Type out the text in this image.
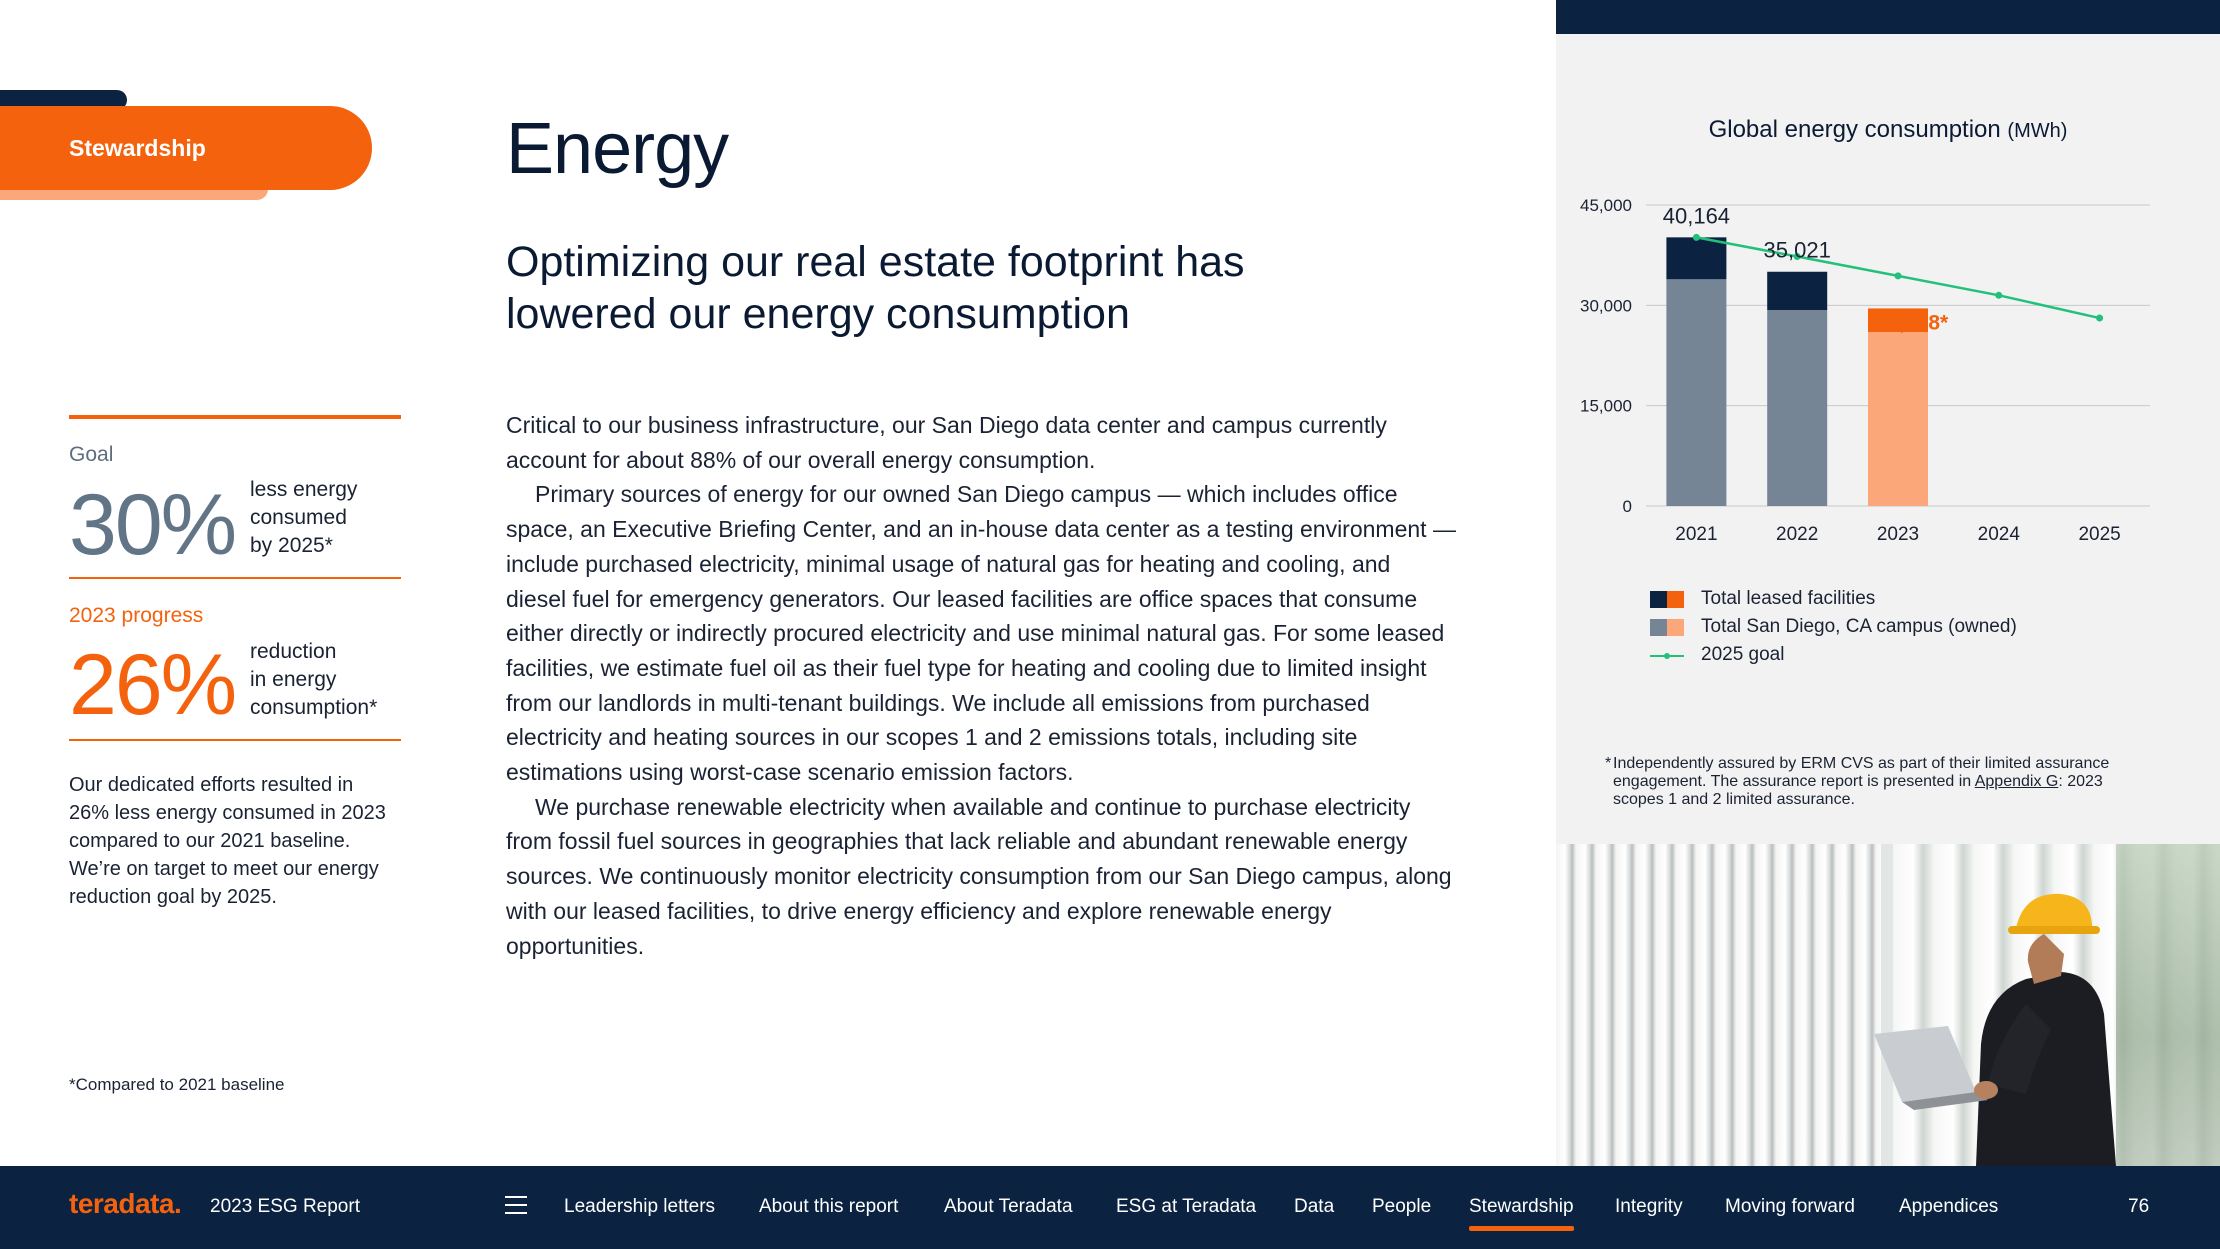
Stewardship
Goal
30% less energy
consumed
by 2025*
2023 progress
26% reduction
in energy
consumption*
Our dedicated efforts resulted in 26% less energy consumed in 2023 compared to our 2021 baseline. We’re on target to meet our energy reduction goal by 2025.
*Compared to 2021 baseline
Energy
Optimizing our real estate footprint has
lowered our energy consumption

Critical to our business infrastructure, our San Diego data center and campus currently account for about 88% of our overall energy consumption.

Primary sources of energy for our owned San Diego campus — which includes office space, an Executive Briefing Center, and an in-house data center as a testing environment — include purchased electricity, minimal usage of natural gas for heating and cooling, and diesel fuel for emergency generators. Our leased facilities are office spaces that consume either directly or indirectly procured electricity and use minimal natural gas. For some leased facilities, we estimate fuel oil as their fuel type for heating and cooling due to limited insight from our landlords in multi-tenant buildings. We include all emissions from purchased electricity and heating sources in our scopes 1 and 2 emissions totals, including site estimations using worst-case scenario emission factors.

We purchase renewable electricity when available and continue to purchase electricity from fossil fuel sources in geographies that lack reliable and abundant renewable energy sources. We continuously monitor electricity consumption from our San Diego campus, along with our leased facilities, to drive energy efficiency and explore renewable energy opportunities.

Global energy consumption (MWh)
0
15,000
30,000
45,000
2021	2022	2023	2024	2025
40,164
35,021
29,538*
Total leased facilities
Total San Diego, CA campus (owned)
2025 goal
* Independently assured by ERM CVS as part of their limited assurance engagement. The assurance report is presented in Appendix G: 2023 scopes 1 and 2 limited assurance.
teradata. 2023 ESG Report	Leadership letters About this report About Teradata ESG at Teradata Data People Stewardship Integrity Moving forward Appendices	76
